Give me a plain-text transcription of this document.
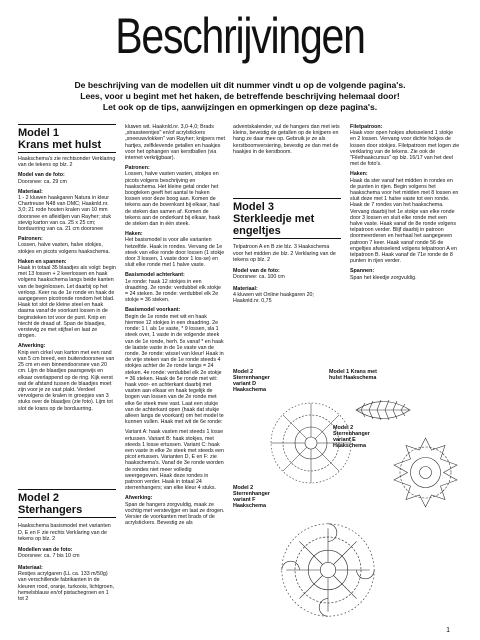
Beschrijvingen
De beschrijving van de modellen uit dit nummer vindt u op de volgende pagina's.
Lees, voor u begint met het haken, de betreffende beschrijving helemaal door!
Let ook op de tips, aanwijzingen en opmerkingen op deze pagina's.
Model 1
Krans met hulst

Haakschema's zie rechtsonder Verklaring van de tekens op blz. 2

Model van de foto:
Doorsnee: ca. 29 cm

Materiaal:
1 - 2 kluwen haakgaren Natura in kleur Chartreuse N48 van DMC; Haaknld.nr. 3,0; 21 rode houten kralen van 10 mm doorsnee en afleidijen van Rayher; stuk stevig karton van ca. 25 x 25 cm; borduurring van ca. 21 cm doorsnee

Patronen:
Lossen, halve vasten, halve stokjes, stokjes en picots volgens haakschema.

Haken en spannen:
Haak in totaal 35 blaadjes als volgt: begin met 13 lossen + 2 keerlossen en haak volgens haakschema langs beide kanten van de beginlossen. Let daarbij op het verloop. Keer na de 1e ronde en haak de aangegeven picotronde rondom het blad. Haak tot slot de kleine steel en haak daarna vanaf de voorkant lossen in de beginsteken tot voor de punt. Knip en hiecht de draad af. Span de blaadjes, verstevig ze met stijfsel en laat ze drogen.

Afwerking:
Knip een cirkel van karton met een rand van 5 cm breed, een buitendoorsnee van 25 cm en een binnendoorsnee van 20 cm. Lijm de blaadjes paarsgewijs en elkaar overlappend op de ring. Kijk eerst wat de afstand tussen de blaadjes moet zijn voor je ze vast plakt. Verdeel vervolgens de kralen in groepjes van 3 stuks over de blaadjes (zie foto). Lijm tot slot de krans op de borduurring.

Model 2
Sterhangers

Haakschema basismodel met varianten D, E en F zie rechts Verklaring van de tekens op blz. 2

Modellen van de foto:
Doorsnee: ca. 7 bis 10 cm

Materiaal:
Restjes acrylgaren (LL ca. 133 m/50g) van verschillende fabrikanten in de kleuren rood, oranje, turkoois, lichtgroen, hemelsblauw en/of pistachegroen en 1 tot 2

kluwen wit. Haaknld.nr. 3,0-4,0; Brads „strassteentjes" en/of acrylstickers „sneeuwvlokken" van Rayher; knijpers met hartjes, zelfklevende getallen en haakjes voor het ophangen van kerstballen (via internet verkrijgbaar).

Patronen:
Lossen, halve vasten vasten, stokjes en picots volgens beschrijving en haakschema. Het kleine getal onder het boogteken geeft het aantal te haken lossen voor deze boog aan. Komen de tekens aan de bovenkant bij elkaar, haal de steken dan samen af. Komen de tekens aan de onderkant bij elkaar, haak de steken dan in één steek.

Haken:
Het basismodel is voor alle varianten hetzelfde. Haak in rondes. Vervang de 1e steek van elke ronde door lossen (1 stokje door 3 lossen, 1 vaste door 1 los-se) en sluit elke ronde met 1 halve vaste.

Basismodel achterkant:
1e ronde: haak 12 stokjes in een draadring. 2e ronde: verdubbel elk stokje = 24 steken. 3e ronde: verdubbel elk 2e stokje = 36 steken.

Basismodel voorkant:
Begin de 1e ronde met wit en haak hiermee 12 stokjes in een draadring. 2e ronde: 1 l. als 1e vaste, * 9 lossen, sla 1 steek over, 1 vaste in de volgende steek van de 1e ronde, herh. 5x vanaf * en haak de laatste vaste in de 1e vaste van de ronde. 3e ronde: wissel van kleur! Haak in de vrije steken van de 1e ronde steeds 4 stokjes achter de 2e ronde langs = 24 steken. 4e ronde: verdubbel elk 2e stokje = 36 steken. Haak de 5e ronde met wit: haak voor- en achterkant daarbij met vasten aan elkaar en haak tegelijk de bogen van lossen van de 2e ronde met elke 6e steek mee vast. Laat een stukje van de achterkant open (haak dat stukje alleen langs de voorkant) om het model te kunnen vullen. Haak met wit de 6e ronde:

Variant A: haak vasten met steeds 1 losse ertussen. Variant B: haak stokjes, met steeds 1 losse ertussen. Variant C: haak een vaste in elke 2e steek met steeds een picot ertussen. Varianten D, E en F: zie haakschema's. Vanaf de 3e ronde worden de rondes niet meer volledig weergegeven. Haak deze rondes in patroon verder. Haak in totaal 24 sterrenhangers; van elke kleur 4 stuks.

Afwerking:
Span de hangers zorgvuldig, maak ze vochtig met verstevijger en laat ze drogen. Versier de voorkanten met brads of de acrylstickers. Bevestig ze als

adventskalender, vul de hangers dan met iets kleins, bevestig de getallen op de knijpers en hang ze daar mee op. Gebruik je ze als kerstboomversiering, bevestig ze dan met de haakjes in de kerstboom.

Model 3
Sterkleedje met
engeltjes

Telpatroon A en B zie blz. 3 Haakschema voor het midden zie blz. 2 Verklaring van de tekens op blz. 2

Model van de foto:
Doorsnee: ca. 100 cm

Materiaal:
4 kluwen wit Online haakgaren 20; Haaknld.nr. 0,75

Filetpatroon:
Haak voor open hokjes afwisselend 1 stokje en 2 lossen. Vervang voor dichte hokjes de lossen door stokjes. Filetpatroon met logen zie verklaring van de tekens. Zie ook de "Filethaakcursus" op blz. 16/17 van het deel met de foto's.

Haken:
Haak da ster vanaf het midden in rondes en de punten in rijen. Begin volgens het haakschema voor het midden met 8 lossen en sluit deze met 1 halve vaste tot een ronde. Haak de 7 rondes van het haakschema. Vervang daarbij het 1e stokje van elke ronde door 3 lossen en sluit elke ronde met een halve vaste. Haak vanaf de 8e ronde volgens telpatroon verder. Blijf daarbij in patroon doormeerderen en herhaal het aangegeven patroon 7 keer. Haak vanaf ronde 56 de engeltjes afwisselend volgens telpatroon A en telpatroon B. Haak vanaf de 71e ronde de 8 punten in rijen verder.

Spannen:
Span het kleedje zorgvuldig.

Model 2 Sterrenhanger variant D Haakschema
Model 1 Krans met hulst Haakschema
Model 2 Sterrenhanger variant E Haakschema
Model 2 Sterrenhanger variant F Haakschema
1
